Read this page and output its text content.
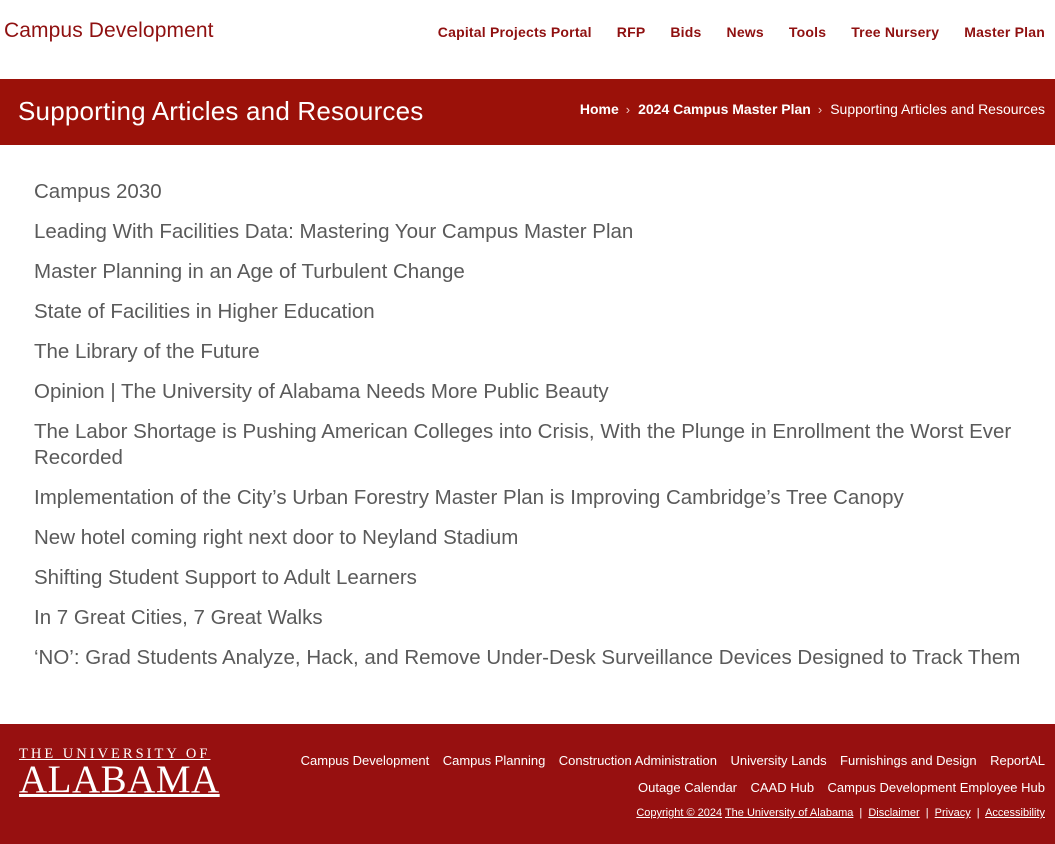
Campus Development	Capital Projects Portal RFP Bids News Tools Tree Nursery Master Plan
Supporting Articles and Resources	Home › 2024 Campus Master Plan › Supporting Articles and Resources
Campus 2030
Leading With Facilities Data: Mastering Your Campus Master Plan
Master Planning in an Age of Turbulent Change
State of Facilities in Higher Education
The Library of the Future
Opinion | The University of Alabama Needs More Public Beauty
The Labor Shortage is Pushing American Colleges into Crisis, With the Plunge in Enrollment the Worst Ever Recorded
Implementation of the City’s Urban Forestry Master Plan is Improving Cambridge’s Tree Canopy
New hotel coming right next door to Neyland Stadium
Shifting Student Support to Adult Learners
In 7 Great Cities, 7 Great Walks
‘NO’: Grad Students Analyze, Hack, and Remove Under-Desk Surveillance Devices Designed to Track Them
THE UNIVERSITY OF
ALABAMA	Campus Development Campus Planning Construction Administration University Lands Furnishings and Design ReportAL
Outage Calendar CAAD Hub Campus Development Employee Hub
Copyright © 2024 The University of Alabama | Disclaimer | Privacy | Accessibility
